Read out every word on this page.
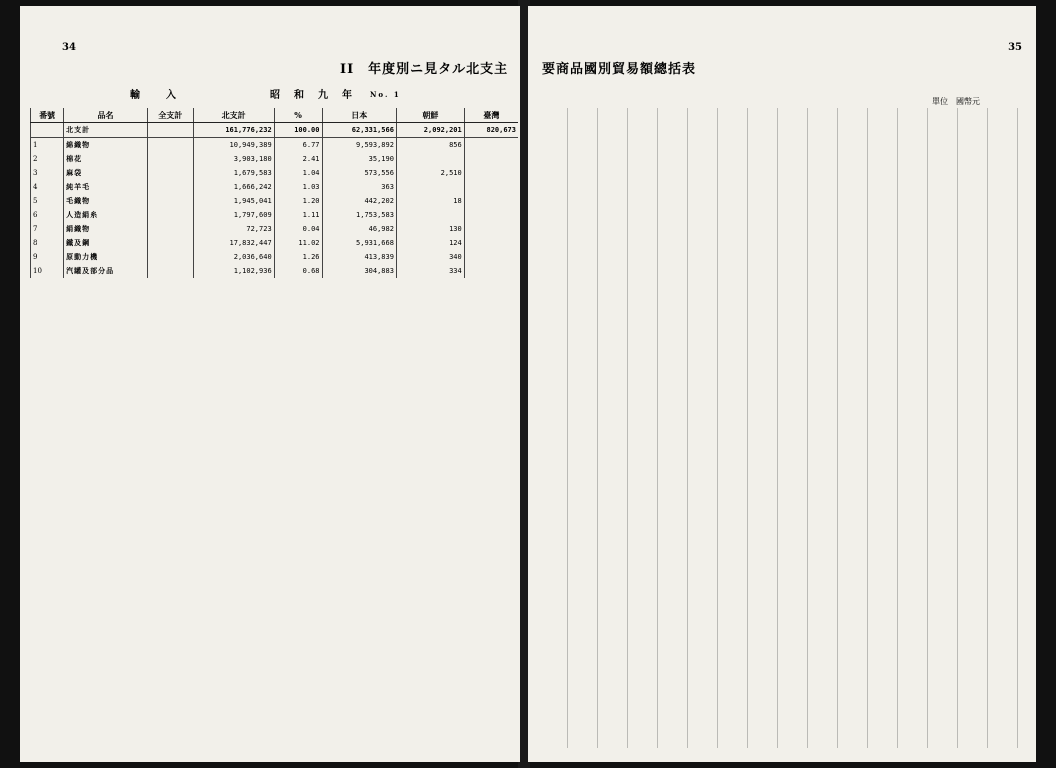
34
II　年度別ニ見タル北支主
輸　　入	昭　和　九　年 No. 1
番號	品名	全支計	北支計	%	日本	朝鮮	臺灣
	北支計		161,776,232	100.00	62,331,566	2,092,201	820,673
1	綿織物		10,949,389	6.77	9,593,892	856	
2	棉花		3,903,180	2.41	35,190		
3	麻袋		1,679,583	1.04	573,556	2,510	
4	純羊毛		1,666,242	1.03	363		
5	毛織物		1,945,041	1.20	442,202	18	
6	人造絹糸		1,797,609	1.11	1,753,583		
7	絹織物		72,723	0.04	46,982	130	
8	鐵及鋼		17,832,447	11.02	5,931,668	124	
9	原動力機		2,036,640	1.26	413,839	340	
10	汽罐及部分品		1,102,936	0.68	304,883	334	
35
要商品國別貿易額總括表
單位　國幣元
